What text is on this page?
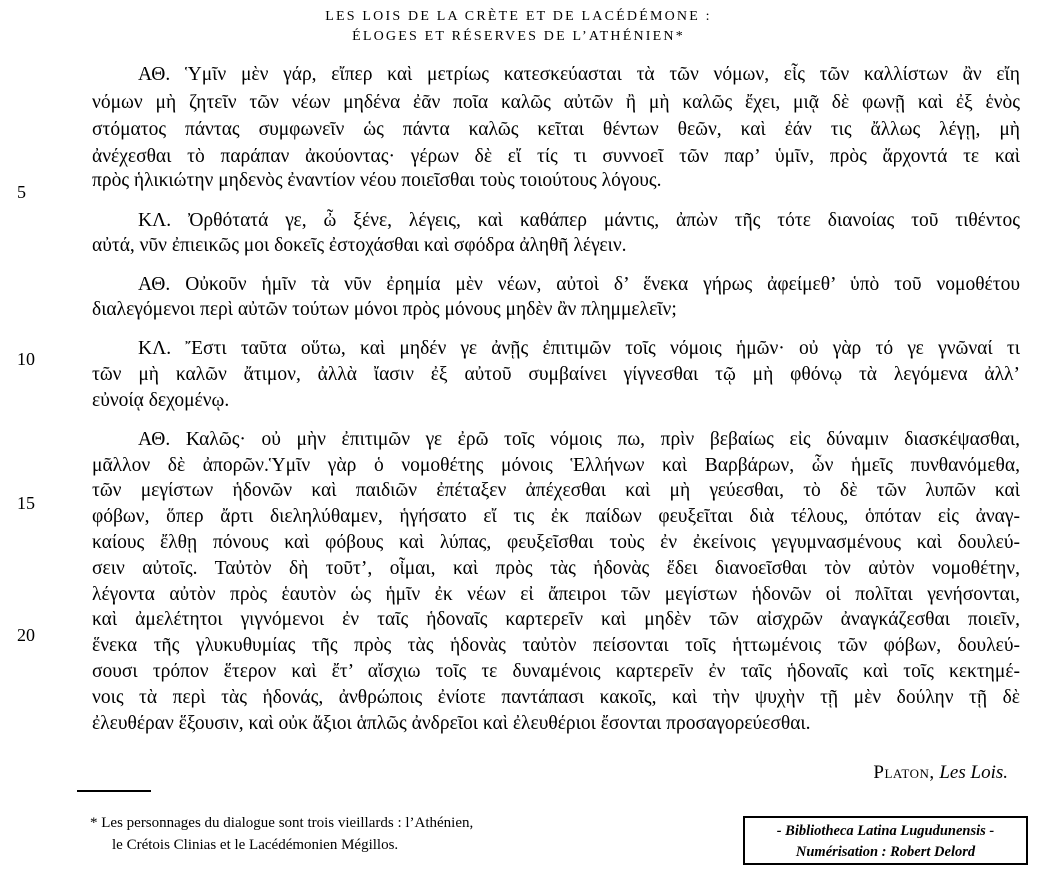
LES LOIS DE LA CRÈTE ET DE LACÉDÉMONE :
ÉLOGES ET RÉSERVES DE L’ATHÉNIEN*
ΑΘ. Ὑμῖν μὲν γάρ, εἴπερ καὶ μετρίως κατεσκεύασται τὰ τῶν νόμων, εἷς τῶν καλλίστων ἂν εἴη
νόμων μὴ ζητεῖν τῶν νέων μηδένα ἐᾶν ποῖα καλῶς αὐτῶν ἢ μὴ καλῶς ἔχει, μιᾷ δὲ φωνῇ καὶ ἐξ ἑνὸς
στόματος πάντας συμφωνεῖν ὡς πάντα καλῶς κεῖται θέντων θεῶν, καὶ ἐάν τις ἄλλως λέγῃ, μὴ
ἀνέχεσθαι τὸ παράπαν ἀκούοντας· γέρων δὲ εἴ τίς τι συννοεῖ τῶν παρ’ ὑμῖν, πρὸς ἄρχοντά τε καὶ
πρὸς ἡλικιώτην μηδενὸς ἐναντίον νέου ποιεῖσθαι τοὺς τοιούτους λόγους.
ΚΛ. Ὀρθότατά γε, ὦ ξένε, λέγεις, καὶ καθάπερ μάντις, ἀπὼν τῆς τότε διανοίας τοῦ τιθέντος
αὐτά, νῦν ἐπιεικῶς μοι δοκεῖς ἐστοχάσθαι καὶ σφόδρα ἀληθῆ λέγειν.
ΑΘ. Οὐκοῦν ἡμῖν τὰ νῦν ἐρημία μὲν νέων, αὐτοὶ δ’ ἕνεκα γήρως ἀφείμεθ’ ὑπὸ τοῦ νομοθέτου
διαλεγόμενοι περὶ αὐτῶν τούτων μόνοι πρὸς μόνους μηδὲν ἂν πλημμελεῖν;
ΚΛ. Ἔστι ταῦτα οὕτω, καὶ μηδέν γε ἀνῇς ἐπιτιμῶν τοῖς νόμοις ἡμῶν· οὐ γὰρ τό γε γνῶναί τι
τῶν μὴ καλῶν ἄτιμον, ἀλλὰ ἴασιν ἐξ αὐτοῦ συμβαίνει γίγνεσθαι τῷ μὴ φθόνῳ τὰ λεγόμενα ἀλλ’
εὐνοίᾳ δεχομένῳ.
ΑΘ. Καλῶς· οὐ μὴν ἐπιτιμῶν γε ἐρῶ τοῖς νόμοις πω, πρὶν βεβαίως εἰς δύναμιν διασκέψασθαι,
μᾶλλον δὲ ἀπορῶν.Ὑμῖν γὰρ ὁ νομοθέτης μόνοις Ἑλλήνων καὶ Βαρβάρων, ὧν ἡμεῖς πυνθανόμεθα,
τῶν μεγίστων ἡδονῶν καὶ παιδιῶν ἐπέταξεν ἀπέχεσθαι καὶ μὴ γεύεσθαι, τὸ δὲ τῶν λυπῶν καὶ
φόβων, ὅπερ ἄρτι διεληλύθαμεν, ἡγήσατο εἴ τις ἐκ παίδων φευξεῖται διὰ τέλους, ὁπόταν εἰς ἀναγ-
καίους ἔλθῃ πόνους καὶ φόβους καὶ λύπας, φευξεῖσθαι τοὺς ἐν ἐκείνοις γεγυμνασμένους καὶ δουλεύ-
σειν αὐτοῖς. Ταὐτὸν δὴ τοῦτ’, οἶμαι, καὶ πρὸς τὰς ἡδονὰς ἔδει διανοεῖσθαι τὸν αὐτὸν νομοθέτην,
λέγοντα αὐτὸν πρὸς ἑαυτὸν ὡς ἡμῖν ἐκ νέων εἰ ἄπειροι τῶν μεγίστων ἡδονῶν οἱ πολῖται γενήσονται,
καὶ ἀμελέτητοι γιγνόμενοι ἐν ταῖς ἡδοναῖς καρτερεῖν καὶ μηδὲν τῶν αἰσχρῶν ἀναγκάζεσθαι ποιεῖν,
ἕνεκα τῆς γλυκυθυμίας τῆς πρὸς τὰς ἡδονὰς ταὐτὸν πείσονται τοῖς ἡττωμένοις τῶν φόβων, δουλεύ-
σουσι τρόπον ἕτερον καὶ ἔτ’ αἴσχιω τοῖς τε δυναμένοις καρτερεῖν ἐν ταῖς ἡδοναῖς καὶ τοῖς κεκτημέ-
νοις τὰ περὶ τὰς ἡδονάς, ἀνθρώποις ἐνίοτε παντάπασι κακοῖς, καὶ τὴν ψυχὴν τῇ μὲν δούλην τῇ δὲ
ἐλευθέραν ἕξουσιν, καὶ οὐκ ἄξιοι ἁπλῶς ἀνδρεῖοι καὶ ἐλευθέριοι ἔσονται προσαγορεύεσθαι.
5
10
15
20
Platon, Les Lois.
* Les personnages du dialogue sont trois vieillards : l’Athénien,
le Crétois Clinias et le Lacédémonien Mégillos.
- Bibliotheca Latina Lugudunensis -
Numérisation : Robert Delord
